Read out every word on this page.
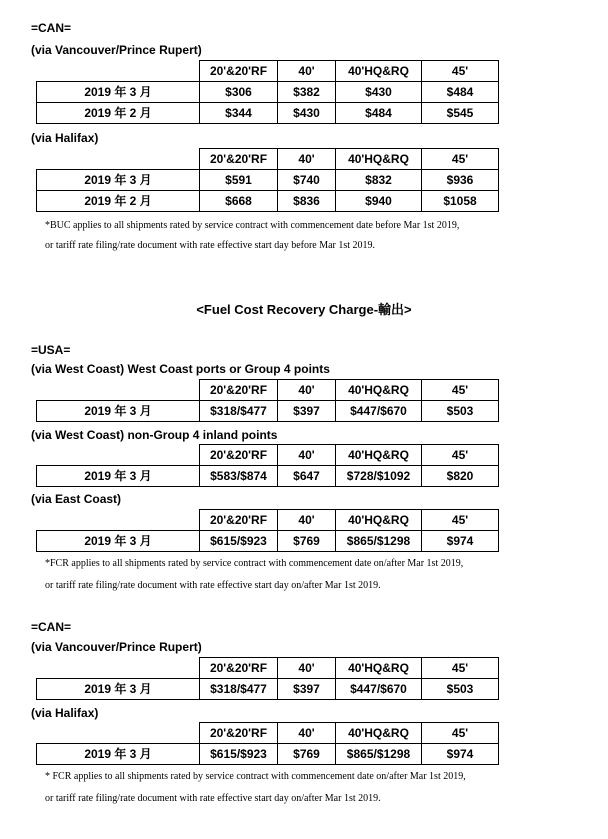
=CAN=
(via Vancouver/Prince Rupert)
	20'&20'RF	40'	40'HQ&RQ	45'
2019 年 3 月	$306	$382	$430	$484
2019 年 2 月	$344	$430	$484	$545
(via Halifax)
	20'&20'RF	40'	40'HQ&RQ	45'
2019 年 3 月	$591	$740	$832	$936
2019 年 2 月	$668	$836	$940	$1058
*BUC applies to all shipments rated by service contract with commencement date before Mar 1st 2019,
or tariff rate filing/rate document with rate effective start day before Mar 1st 2019.
<Fuel Cost Recovery Charge-輸出>
=USA=
(via West Coast) West Coast ports or Group 4 points
	20'&20'RF	40'	40'HQ&RQ	45'
2019 年 3 月	$318/$477	$397	$447/$670	$503
(via West Coast) non-Group 4 inland points
	20'&20'RF	40'	40'HQ&RQ	45'
2019 年 3 月	$583/$874	$647	$728/$1092	$820
(via East Coast)
	20'&20'RF	40'	40'HQ&RQ	45'
2019 年 3 月	$615/$923	$769	$865/$1298	$974
*FCR applies to all shipments rated by service contract with commencement date on/after Mar 1st 2019,
or tariff rate filing/rate document with rate effective start day on/after Mar 1st 2019.
=CAN=
(via Vancouver/Prince Rupert)
	20'&20'RF	40'	40'HQ&RQ	45'
2019 年 3 月	$318/$477	$397	$447/$670	$503
(via Halifax)
	20'&20'RF	40'	40'HQ&RQ	45'
2019 年 3 月	$615/$923	$769	$865/$1298	$974
* FCR applies to all shipments rated by service contract with commencement date on/after Mar 1st 2019,
or tariff rate filing/rate document with rate effective start day on/after Mar 1st 2019.
